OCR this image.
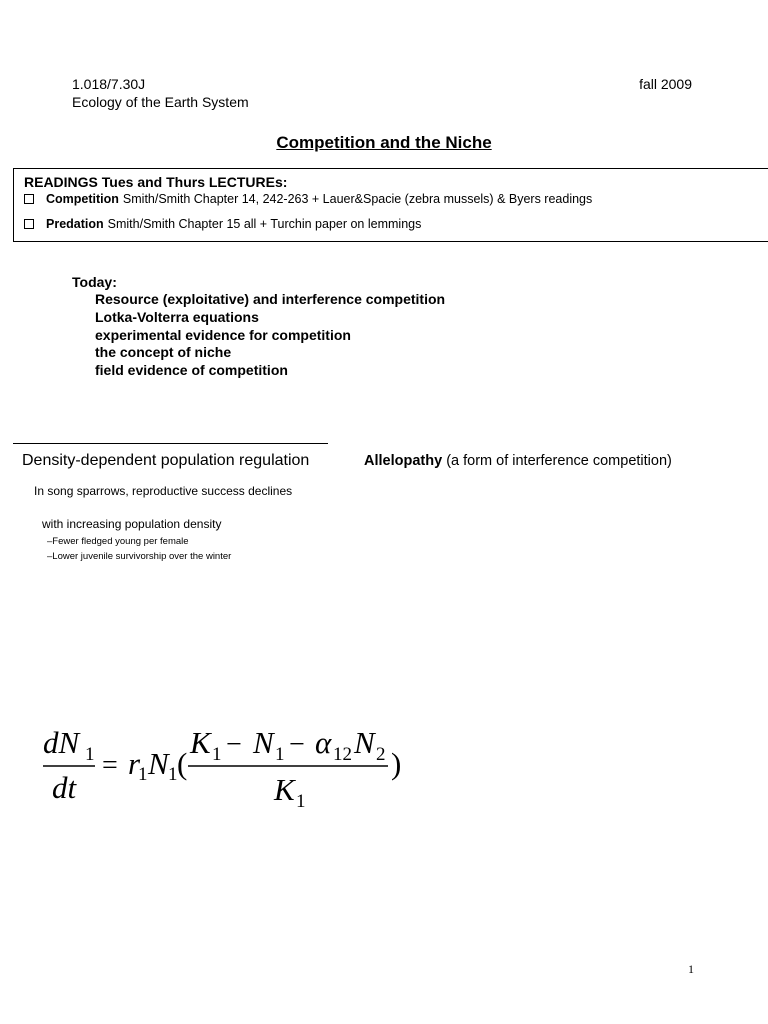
1.018/7.30J
Ecology of the Earth System
fall 2009
Competition and the Niche
READINGS Tues and Thurs LECTUREs:
Competition Smith/Smith Chapter 14, 242-263 + Lauer&Spacie (zebra mussels) & Byers readings
Predation Smith/Smith Chapter 15 all + Turchin paper on lemmings
Today:
Resource (exploitative) and interference competition
Lotka-Volterra equations
experimental evidence for competition
the concept of niche
field evidence of competition
Density-dependent population regulation	Allelopathy (a form of interference competition)
In song sparrows, reproductive success declines
with increasing population density
–Fewer fledged young per female
–Lower juvenile survivorship over the winter
dN 1
dt
= r
1 N 1 (
K 1 − N 1 − α 12 N 2
K 1
)
1
